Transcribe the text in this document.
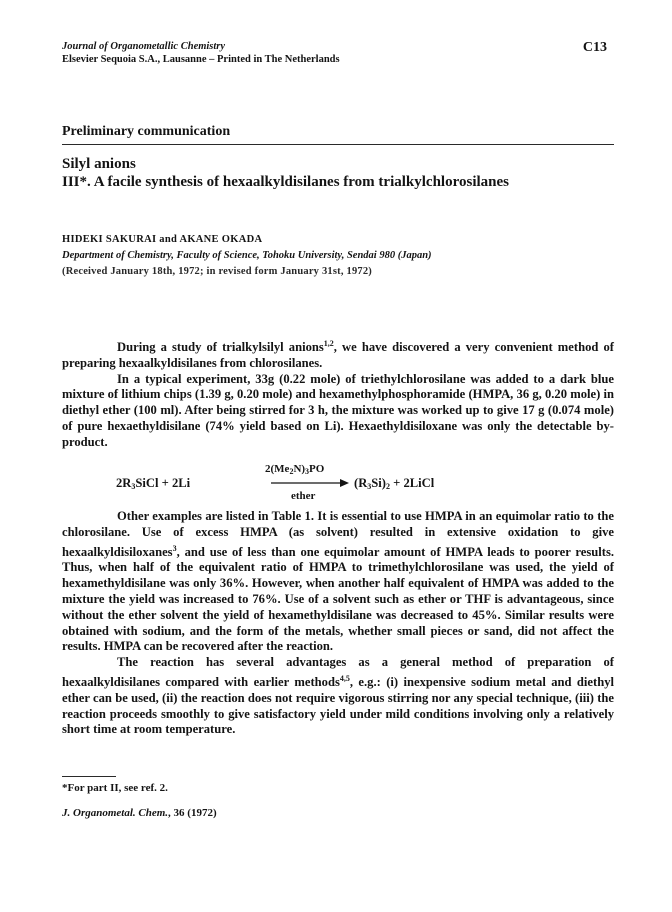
Journal of Organometallic Chemistry
Elsevier Sequoia S.A., Lausanne – Printed in The Netherlands
C13
Preliminary communication
Silyl anions
III*. A facile synthesis of hexaalkyldisilanes from trialkylchlorosilanes
HIDEKI SAKURAI and AKANE OKADA
Department of Chemistry, Faculty of Science, Tohoku University, Sendai 980 (Japan)
(Received January 18th, 1972; in revised form January 31st, 1972)

During a study of trialkylsilyl anions$^{1,2}$, we have discovered a very convenient method of preparing hexaalkyldisilanes from chlorosilanes.

In a typical experiment, 33g (0.22 mole) of triethylchlorosilane was added to a dark blue mixture of lithium chips (1.39 g, 0.20 mole) and hexamethylphosphoramide (HMPA, 36 g, 0.20 mole) in diethyl ether (100 ml). After being stirred for 3 h, the mixture was worked up to give 17 g (0.074 mole) of pure hexaethyldisilane (74% yield based on Li). Hexaethyldisiloxane was only the detectable by-product.

$2R_3SiCl + 2Li$
$2(Me_2N)_3PO$
ether
$(R_3Si)_2$ + 2LiCl

Other examples are listed in Table 1. It is essential to use HMPA in an equimolar ratio to the chlorosilane. Use of excess HMPA (as solvent) resulted in extensive oxidation to give hexaalkyldisiloxanes$^3$, and use of less than one equimolar amount of HMPA leads to poorer results. Thus, when half of the equivalent ratio of HMPA to trimethylchlorosilane was used, the yield of hexamethyldisilane was only 36%. However, when another half equivalent of HMPA was added to the mixture the yield was increased to 76%. Use of a solvent such as ether or THF is advantageous, since without the ether solvent the yield of hexamethyldisilane was decreased to 45%. Similar results were obtained with sodium, and the form of the metals, whether small pieces or sand, did not affect the results. HMPA can be recovered after the reaction.

The reaction has several advantages as a general method of preparation of hexaalkyldisilanes compared with earlier methods$^{4,5}$, e.g.: (i) inexpensive sodium metal and diethyl ether can be used, (ii) the reaction does not require vigorous stirring nor any special technique, (iii) the reaction proceeds smoothly to give satisfactory yield under mild conditions involving only a relatively short time at room temperature.

*For part II, see ref. 2.
J. Organometal. Chem., 36 (1972)
